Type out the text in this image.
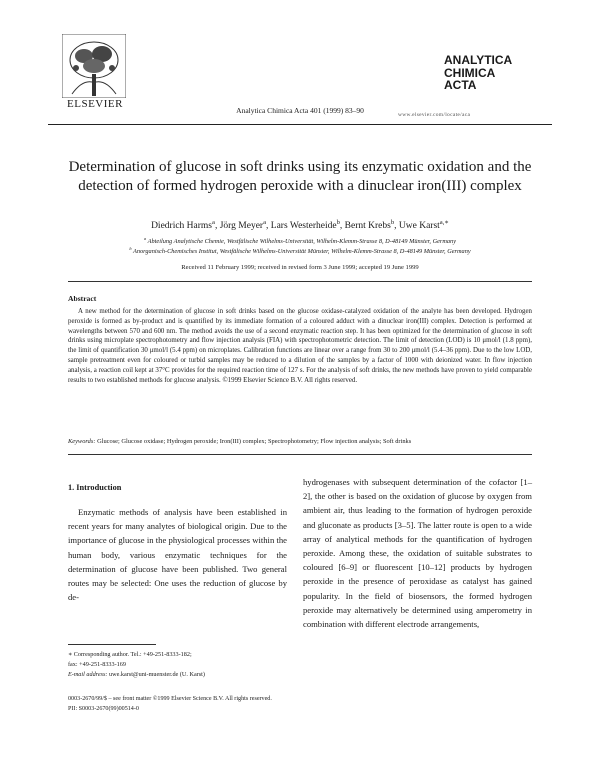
ELSEVIER
Analytica Chimica Acta 401 (1999) 83–90
ANALYTICA
CHIMICA
ACTA
www.elsevier.com/locate/aca
Determination of glucose in soft drinks using its enzymatic oxidation and the detection of formed hydrogen peroxide with a dinuclear iron(III) complex
Diedrich Harms$^a$, Jörg Meyer$^a$, Lars Westerheide$^b$, Bernt Krebs$^b$, Uwe Karst$^{a,∗}$
$^a$ Abteilung Analytische Chemie, Westfälische Wilhelms-Universität, Wilhelm-Klemm-Strasse 8, D-48149 Münster, Germany
$^b$ Anorganisch-Chemisches Institut, Westfälische Wilhelms-Universität Münster, Wilhelm-Klemm-Strasse 8, D-48149 Münster, Germany
Received 11 February 1999; received in revised form 3 June 1999; accepted 19 June 1999
Abstract
A new method for the determination of glucose in soft drinks based on the glucose oxidase-catalyzed oxidation of the analyte has been developed. Hydrogen peroxide is formed as by-product and is quantified by its immediate formation of a coloured adduct with a dinuclear iron(III) complex. Detection is performed at wavelengths between 570 and 600 nm. The method avoids the use of a second enzymatic reaction step. It has been optimized for the determination of glucose in soft drinks using microplate spectrophotometry and flow injection analysis (FIA) with spectrophotometric detection. The limit of detection (LOD) is 10 μmol/l (1.8 ppm), the limit of quantification 30 μmol/l (5.4 ppm) on microplates. Calibration functions are linear over a range from 30 to 200 μmol/l (5.4–36 ppm). Due to the low LOD, sample pretreatment even for coloured or turbid samples may be reduced to a dilution of the samples by a factor of 1000 with deionized water. In flow injection analysis, a reaction coil kept at 37°C provides for the required reaction time of 127 s. For the analysis of soft drinks, the new methods have proven to yield comparable results to two established methods for glucose analysis. ©1999 Elsevier Science B.V. All rights reserved.
Keywords: Glucose; Glucose oxidase; Hydrogen peroxide; Iron(III) complex; Spectrophotometry; Flow injection analysis; Soft drinks
1. Introduction
Enzymatic methods of analysis have been established in recent years for many analytes of biological origin. Due to the importance of glucose in the physiological processes within the human body, various enzymatic techniques for the determination of glucose have been published. Two general routes may be selected: One uses the reduction of glucose by de-
hydrogenases with subsequent determination of the cofactor [1–2], the other is based on the oxidation of glucose by oxygen from ambient air, thus leading to the formation of hydrogen peroxide and gluconate as products [3–5]. The latter route is open to a wide array of analytical methods for the quantification of hydrogen peroxide. Among these, the oxidation of suitable substrates to coloured [6–9] or fluorescent [10–12] products by hydrogen peroxide in the presence of peroxidase as catalyst has gained popularity. In the field of biosensors, the formed hydrogen peroxide may alternatively be determined using amperometry in combination with different electrode arrangements,
∗ Corresponding author. Tel.: +49-251-8333-182;
fax: +49-251-8333-169
E-mail address: uwe.karst@uni-muenster.de (U. Karst)
0003-2670/99/$ – see front matter ©1999 Elsevier Science B.V. All rights reserved.
PII: S0003-2670(99)00514-0
